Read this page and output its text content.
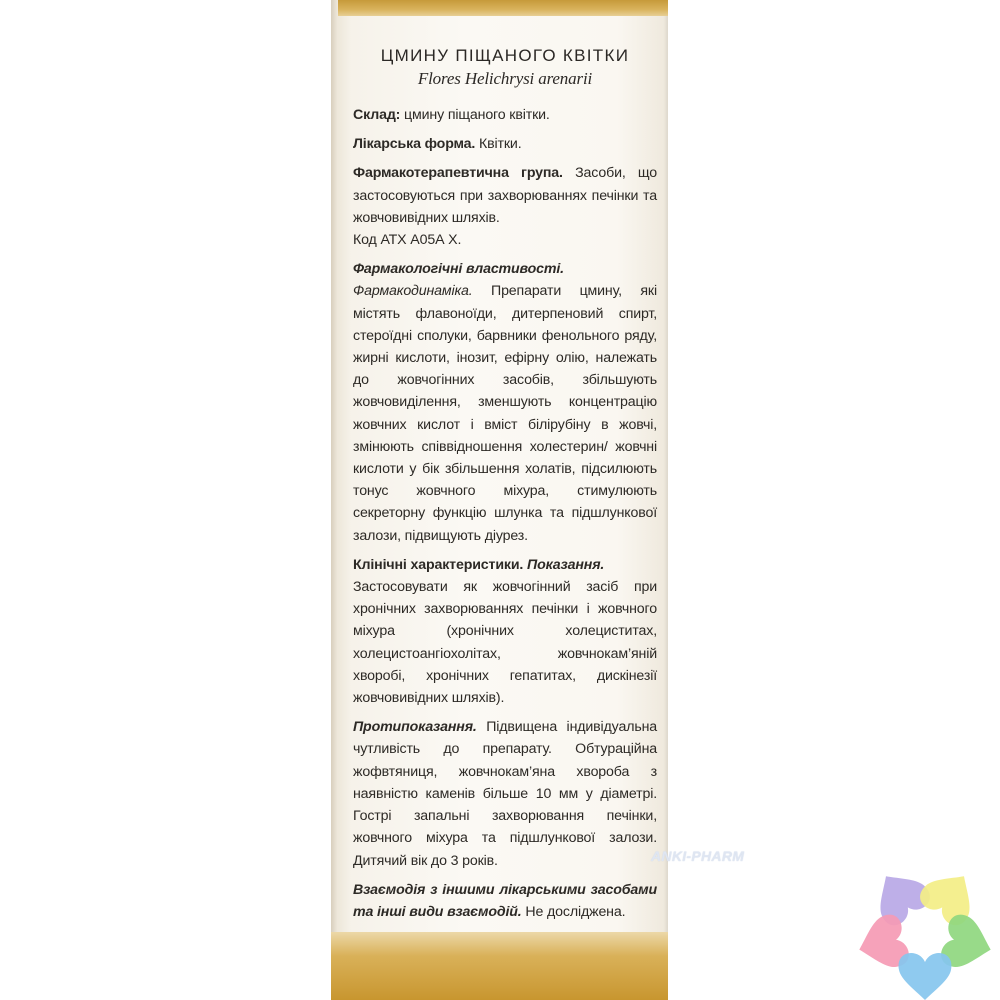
ЦМИНУ ПІЩАНОГО КВІТКИ
Flores Helichrysi arenarii

Склад: цмину піщаного квітки.

Лікарська форма. Квітки.

Фармакотерапевтична група. Засоби, що застосовуються при захворюваннях печінки та жовчовивідних шляхів.

Код АТХ А05А Х.

Фармакологічні властивості.
Фармакодинаміка. Препарати цмину, які містять флавоноїди, дитерпеновий спирт, стероїдні сполуки, барвники фенольного ряду, жирні кислоти, інозит, ефірну олію, належать до жовчогінних засобів, збільшують жовчовиділення, зменшують концентрацію жовчних кислот і вміст білірубіну в жовчі, змінюють співвідношення холестерин/ жовчні кислоти у бік збільшення холатів, підсилюють тонус жовчного міхура, стимулюють секреторну функцію шлунка та підшлункової залози, підвищують діурез.

Клінічні характеристики. Показання.
Застосовувати як жовчогінний засіб при хронічних захворюваннях печінки і жовчного міхура (хронічних холециститах, холецистоангіохолітах, жовчнокам’яній хворобі, хронічних гепатитах, дискінезії жовчовивідних шляхів).

Протипоказання. Підвищена індивідуальна чутливість до препарату. Обтураційна жофвтяниця, жовчнокам’яна хвороба з наявністю каменів більше 10 мм у діаметрі. Гострі запальні захворювання печінки, жовчного міхура та підшлункової залози. Дитячий вік до 3 років.

Взаємодія з іншими лікарськими засобами та інші види взаємодій. Не досліджена.

ANKI-PHARM
